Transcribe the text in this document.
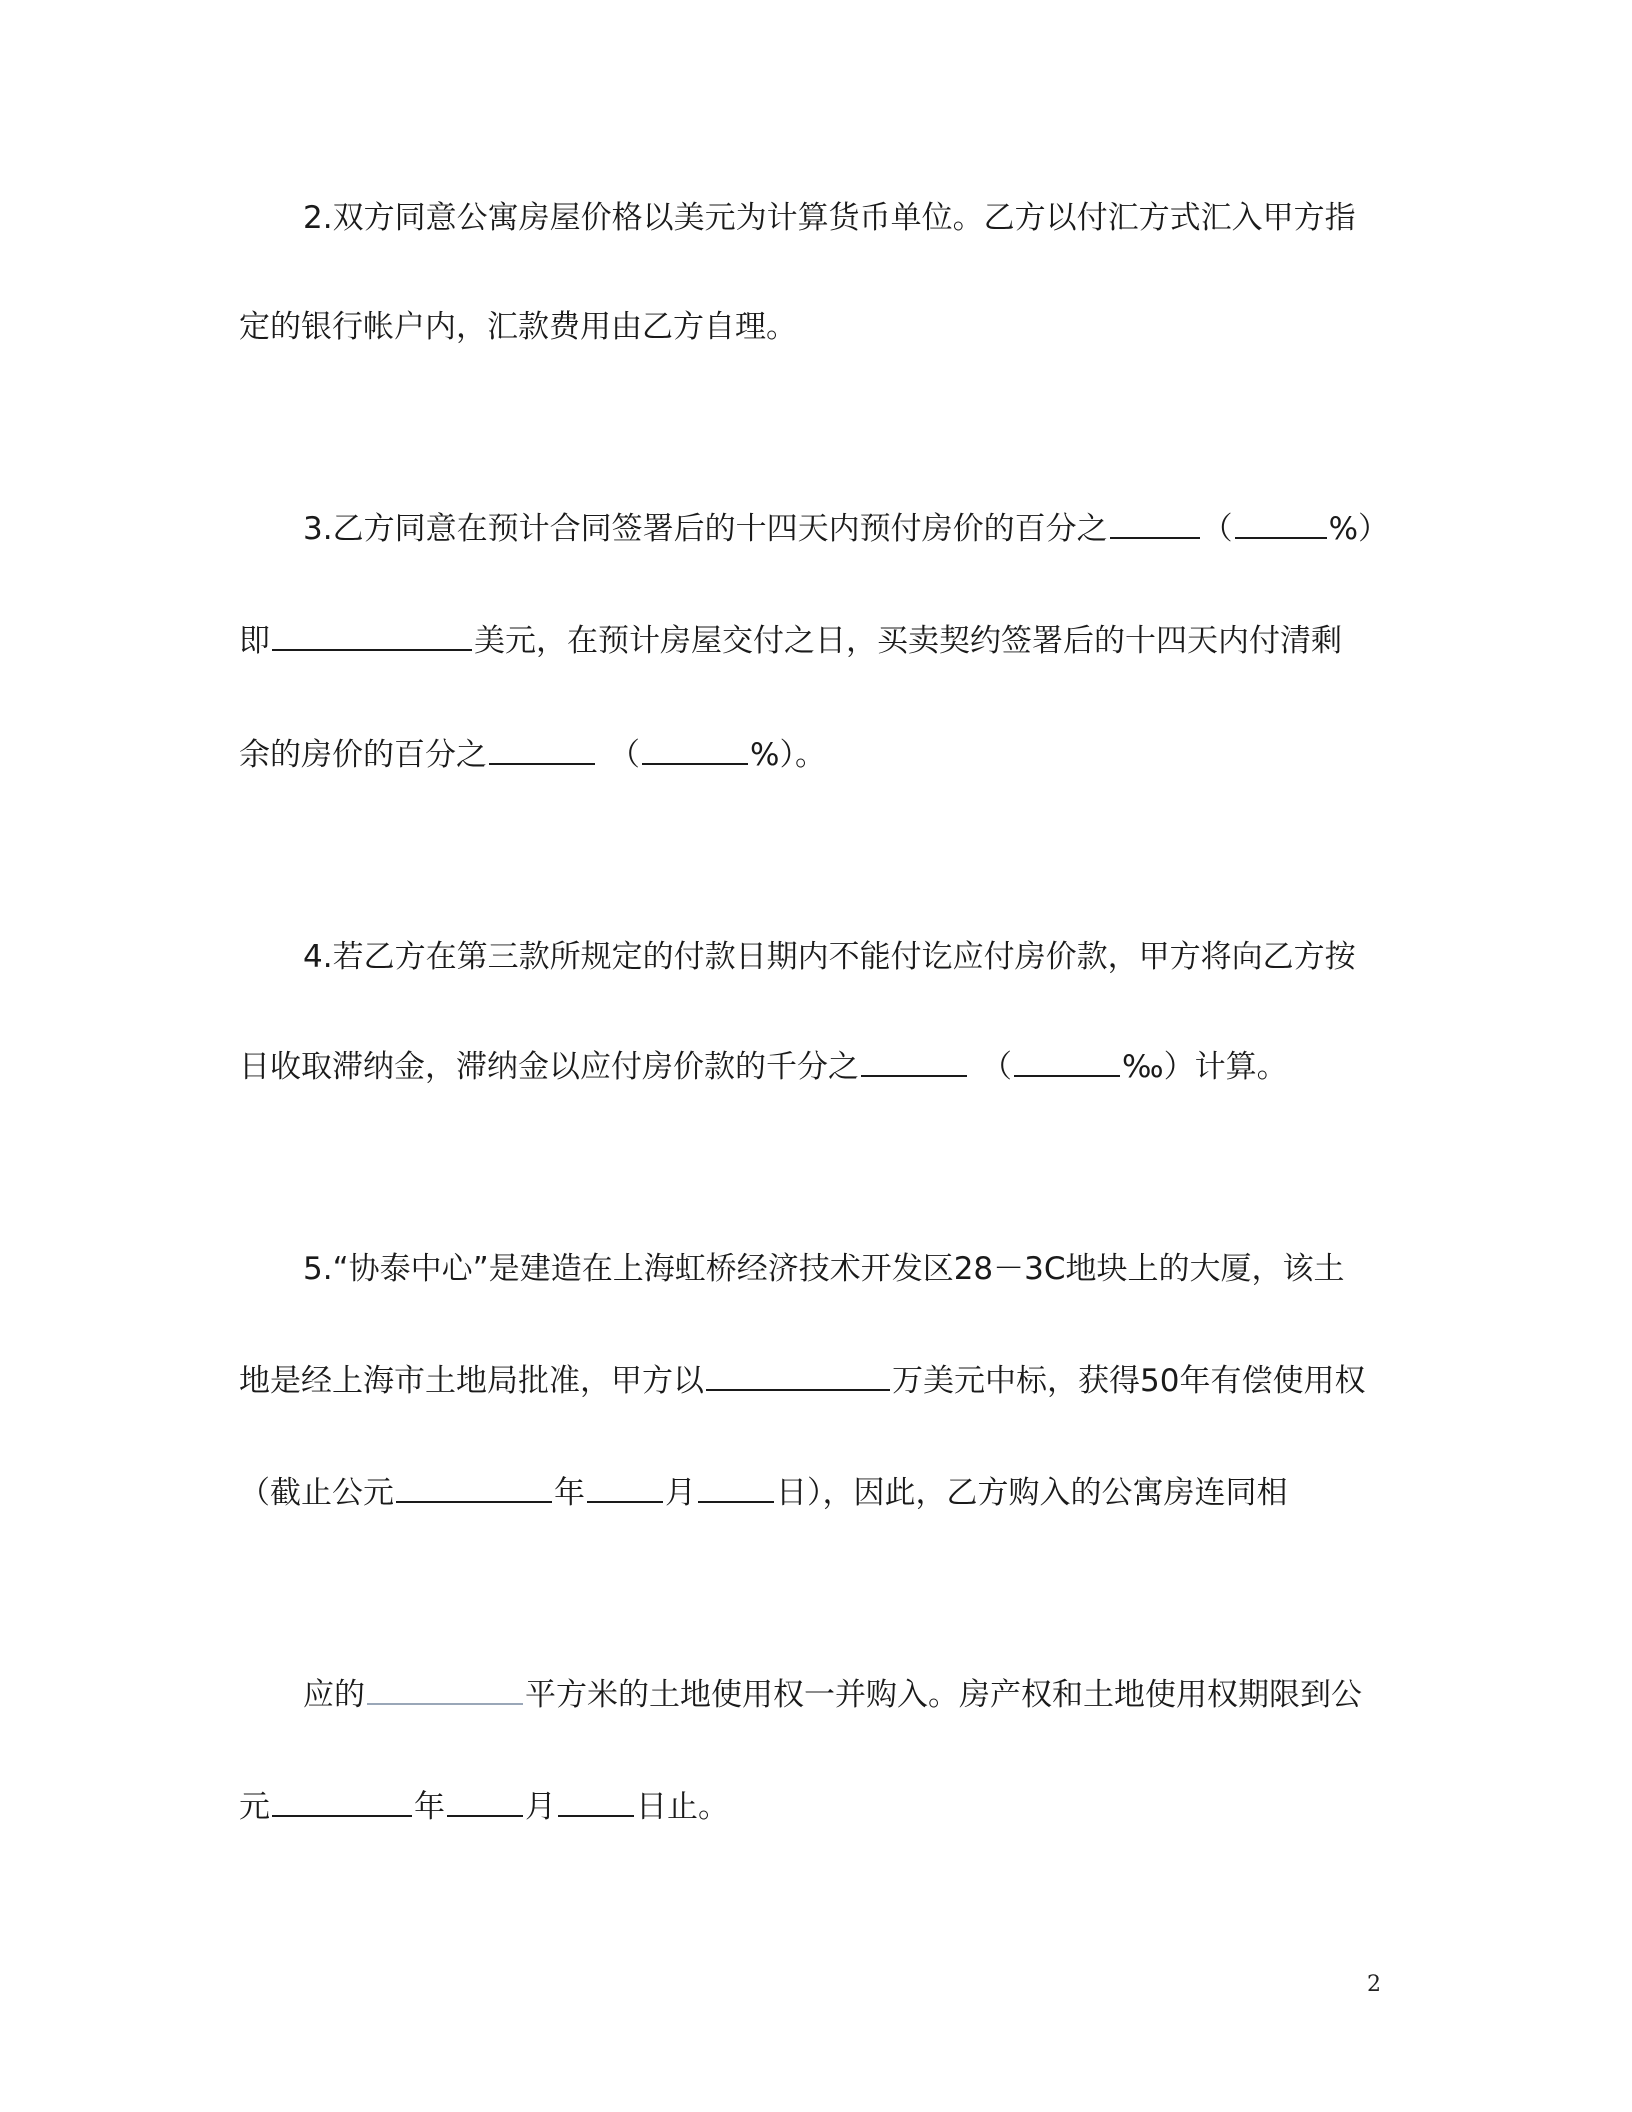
2.双方同意公寓房屋价格以美元为计算货币单位。乙方以付汇方式汇入甲方指
定的银行帐户内，汇款费用由乙方自理。
3.乙方同意在预计合同签署后的十四天内预付房价的百分之	（	%）
即	美元，在预计房屋交付之日，买卖契约签署后的十四天内付清剩
余的房价的百分之	（	%）。
4.若乙方在第三款所规定的付款日期内不能付讫应付房价款，甲方将向乙方按
日收取滞纳金，滞纳金以应付房价款的千分之	（	‰）计算。
5.“协泰中心”是建造在上海虹桥经济技术开发区28－3C地块上的大厦，该土
地是经上海市土地局批准，甲方以	万美元中标，获得50年有偿使用权
（截止公元	年	月	日），因此，乙方购入的公寓房连同相
应的	平方米的土地使用权一并购入。房产权和土地使用权期限到公
元	年	月	日止。
2
